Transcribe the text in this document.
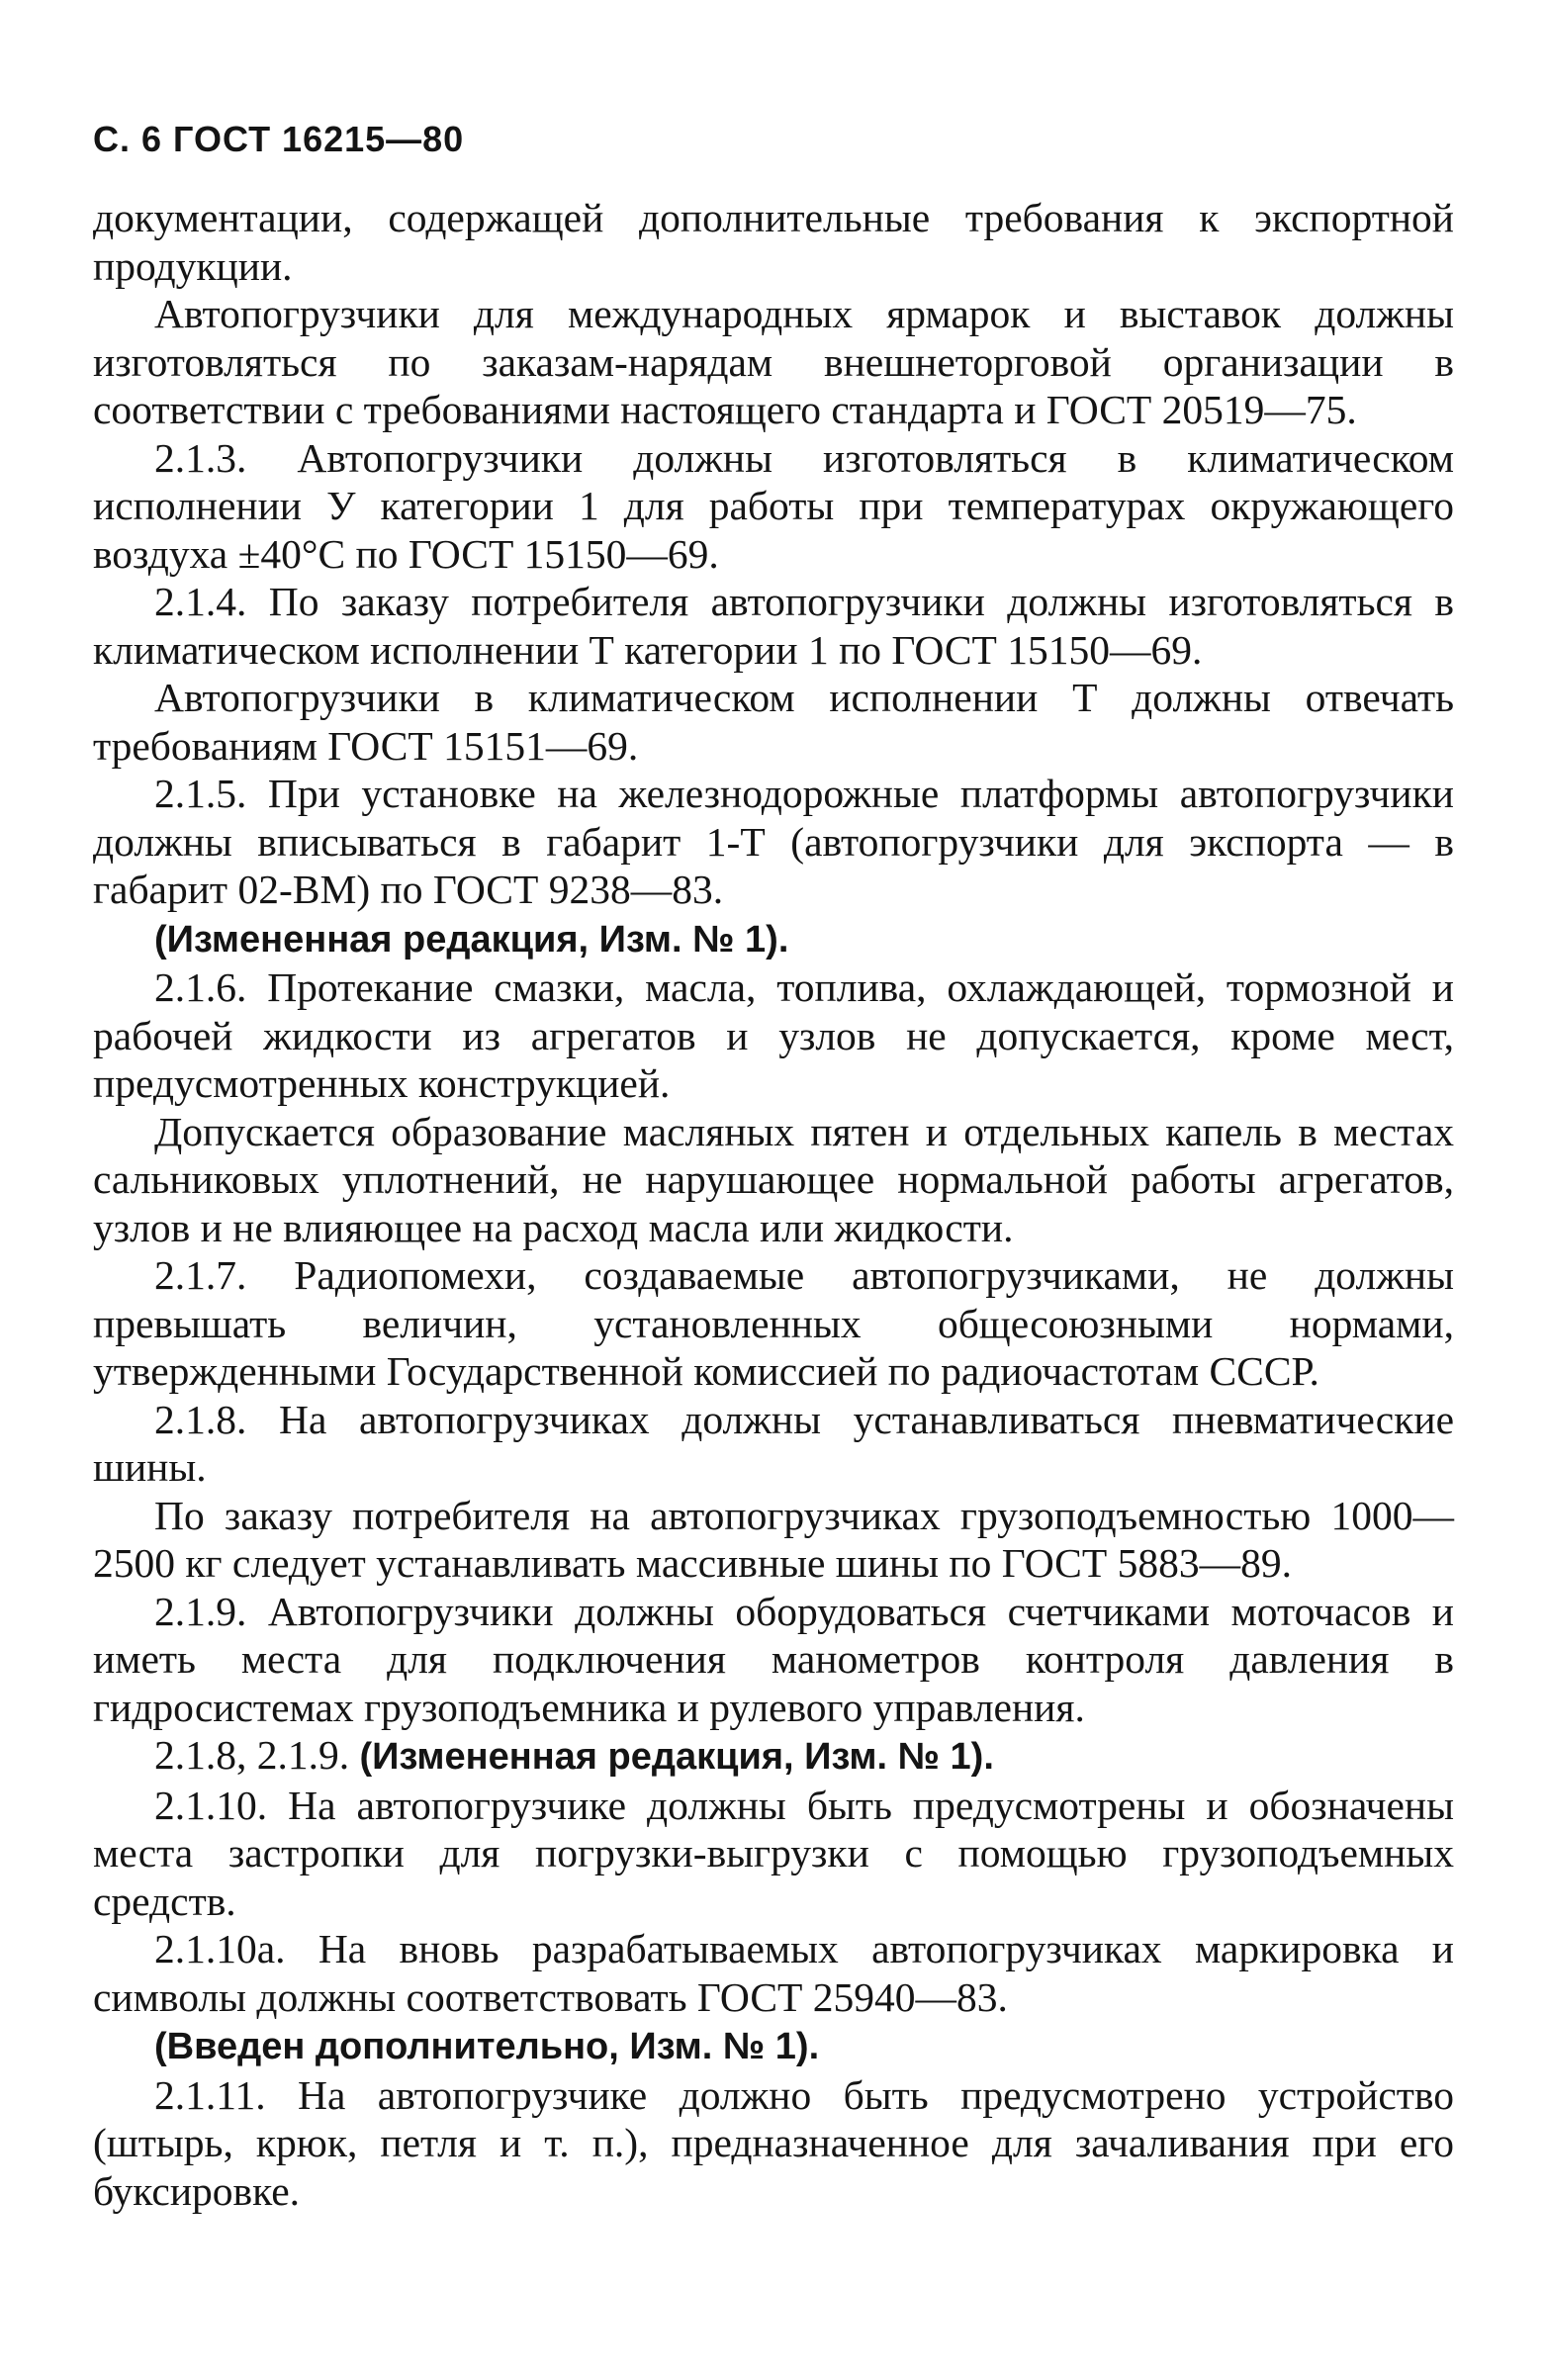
С. 6 ГОСТ 16215—80

документации, содержащей дополнительные требования к экспортной продукции.

Автопогрузчики для международных ярмарок и выставок должны изготовляться по заказам-нарядам внешнеторговой организации в соответствии с требованиями настоящего стандарта и ГОСТ 20519—75.

2.1.3. Автопогрузчики должны изготовляться в климатическом исполнении У категории 1 для работы при температурах окружающего воздуха ±40°С по ГОСТ 15150—69.

2.1.4. По заказу потребителя автопогрузчики должны изготовляться в климатическом исполнении Т категории 1 по ГОСТ 15150—69.

Автопогрузчики в климатическом исполнении Т должны отвечать требованиям ГОСТ 15151—69.

2.1.5. При установке на железнодорожные платформы автопогрузчики должны вписываться в габарит 1-Т (автопогрузчики для экспорта — в габарит 02-ВМ) по ГОСТ 9238—83.

(Измененная редакция, Изм. № 1).

2.1.6. Протекание смазки, масла, топлива, охлаждающей, тормозной и рабочей жидкости из агрегатов и узлов не допускается, кроме мест, предусмотренных конструкцией.

Допускается образование масляных пятен и отдельных капель в местах сальниковых уплотнений, не нарушающее нормальной работы агрегатов, узлов и не влияющее на расход масла или жидкости.

2.1.7. Радиопомехи, создаваемые автопогрузчиками, не должны превышать величин, установленных общесоюзными нормами, утвержденными Государственной комиссией по радиочастотам СССР.

2.1.8. На автопогрузчиках должны устанавливаться пневматические шины.

По заказу потребителя на автопогрузчиках грузоподъемностью 1000—2500 кг следует устанавливать массивные шины по ГОСТ 5883—89.

2.1.9. Автопогрузчики должны оборудоваться счетчиками моточасов и иметь места для подключения манометров контроля давления в гидросистемах грузоподъемника и рулевого управления.

2.1.8, 2.1.9. (Измененная редакция, Изм. № 1).

2.1.10. На автопогрузчике должны быть предусмотрены и обозначены места застропки для погрузки-выгрузки с помощью грузоподъемных средств.

2.1.10а. На вновь разрабатываемых автопогрузчиках маркировка и символы должны соответствовать ГОСТ 25940—83.

(Введен дополнительно, Изм. № 1).

2.1.11. На автопогрузчике должно быть предусмотрено устройство (штырь, крюк, петля и т. п.), предназначенное для зачаливания при его буксировке.
